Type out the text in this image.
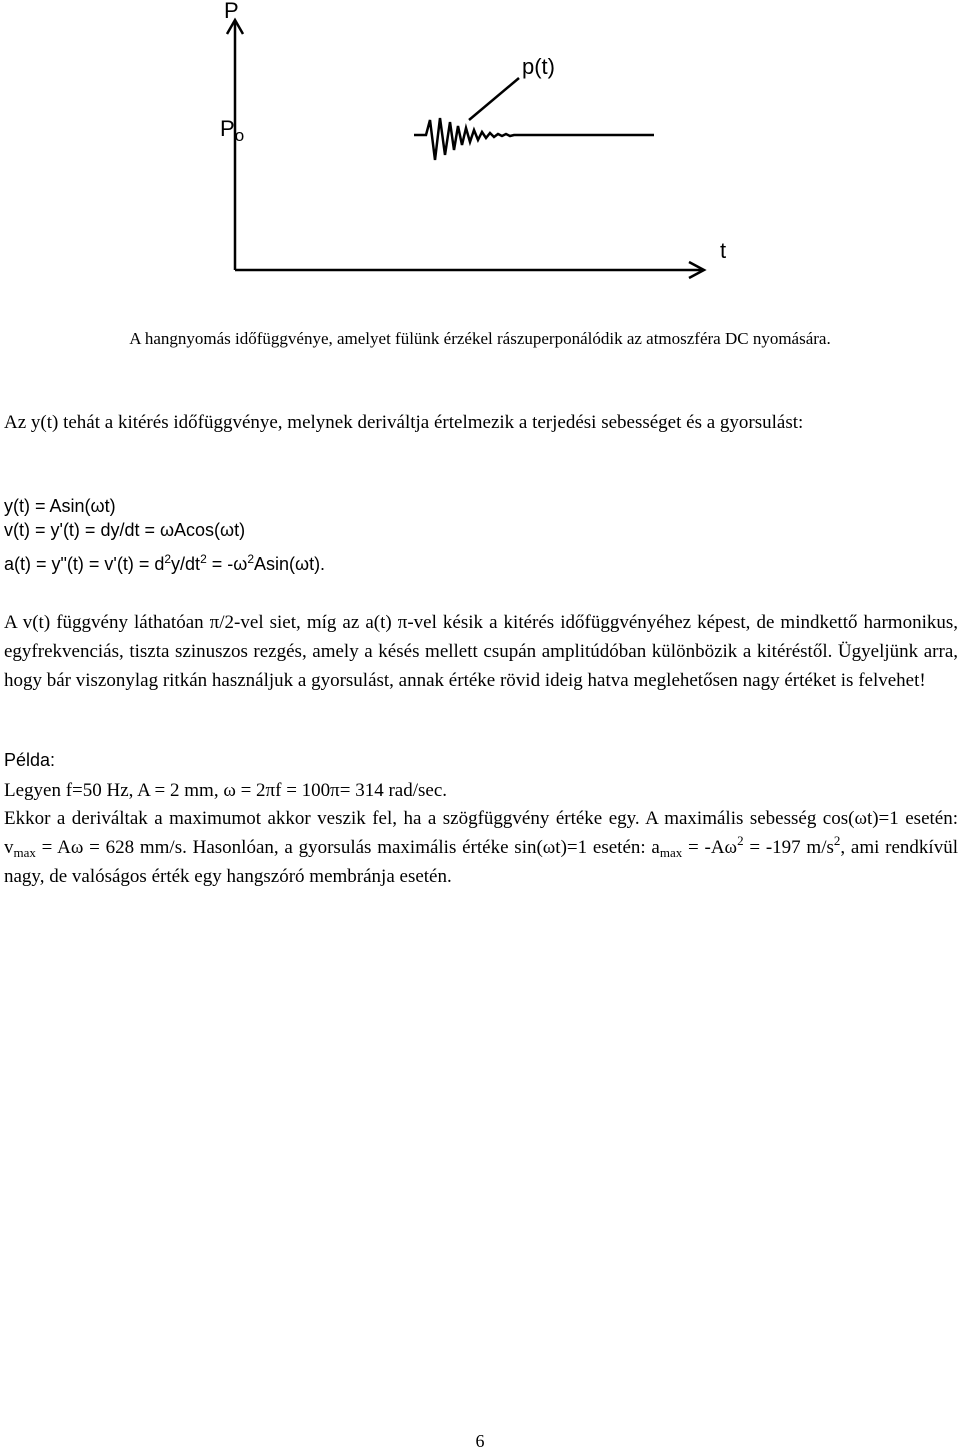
P
$P_o$
p(t)
t
A hangnyomás időfüggvénye, amelyet fülünk érzékel rászuperponálódik az atmoszféra DC nyomására.

Az y(t) tehát a kitérés időfüggvénye, melynek deriváltja értelmezik a terjedési sebességet és a gyorsulást:

y(t) = Asin(ωt)

v(t) = y'(t) = dy/dt = ωAcos(ωt)

a(t) = y"(t) = $v'(t) = d^2y/dt^2 = -\omega^2Asin(\omega t)$.

A v(t) függvény láthatóan π/2-vel siet, míg az a(t) π-vel késik a kitérés időfüggvényéhez képest, de mindkettő harmonikus, egyfrekvenciás, tiszta szinuszos rezgés, amely a késés mellett csupán amplitúdóban különbözik a kitéréstől. Ügyeljünk arra, hogy bár viszonylag ritkán használjuk a gyorsulást, annak értéke rövid ideig hatva meglehetősen nagy értéket is felvehet!

Példa:

Legyen f=50 Hz, A = 2 mm, ω = 2πf = 100π= 314 rad/sec.

Ekkor a deriváltak a maximumot akkor veszik fel, ha a szögfüggvény értéke egy. A maximális sebesség cos(ωt)=1 esetén: $v_{max} = A\omega = 628$ mm/s. Hasonlóan, a gyorsulás maximális értéke sin(ωt)=1 esetén: $a_{max} = -A\omega^2 = -197$ $m/s^2$, ami rendkívül nagy, de valóságos érték egy hangszóró membránja esetén.

6
